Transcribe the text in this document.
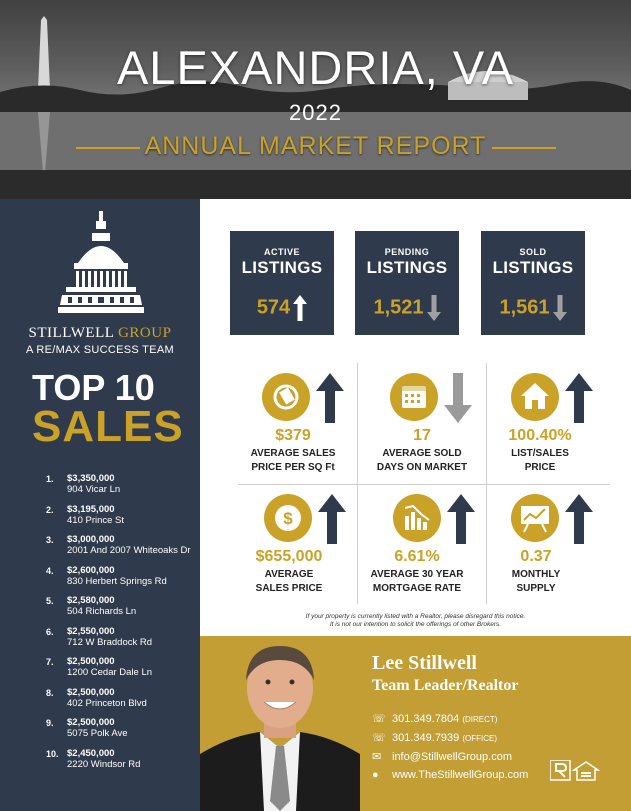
ALEXANDRIA, VA
2022
ANNUAL MARKET REPORT
STILLWELL GROUP
A RE/MAX SUCCESS TEAM
TOP 10
SALES
1. $3,350,000
904 Vicar Ln
2. $3,195,000
410 Prince St
3. $3,000,000
2001 And 2007 Whiteoaks Dr
4. $2,600,000
830 Herbert Springs Rd
5. $2,580,000
504 Richards Ln
6. $2,550,000
712 W Braddock Rd
7. $2,500,000
1200 Cedar Dale Ln
8. $2,500,000
402 Princeton Blvd
9. $2,500,000
5075 Polk Ave
10. $2,450,000
2220 Windsor Rd
ACTIVE
LISTINGS
574
PENDING
LISTINGS
1,521
SOLD
LISTINGS
1,561
$379
AVERAGE SALES
PRICE PER SQ Ft
17
AVERAGE SOLD
DAYS ON MARKET
100.40%
LIST/SALES
PRICE
$
$655,000
AVERAGE
SALES PRICE
6.61%
AVERAGE 30 YEAR
MORTGAGE RATE
0.37
MONTHLY
SUPPLY
If your property is currently listed with a Realtor, please disregard this notice.
It is not our intention to solicit the offerings of other Brokers.
Lee Stillwell
Team Leader/Realtor
☏ 301.349.7804 (DIRECT)
☏ 301.349.7939 (OFFICE)
✉ info@StillwellGroup.com
● www.TheStillwellGroup.com
